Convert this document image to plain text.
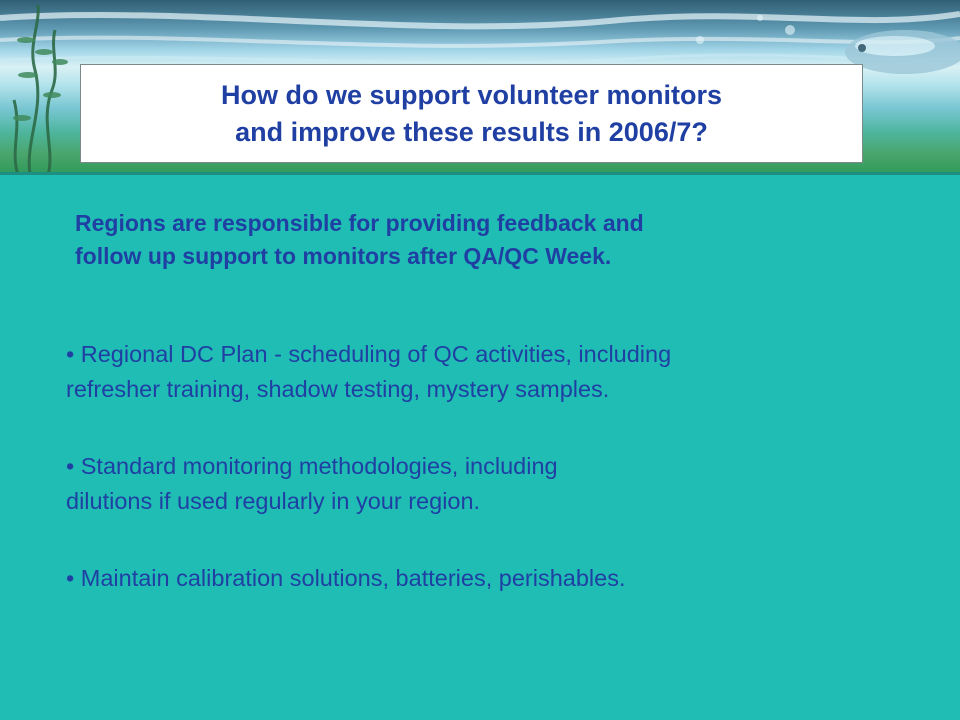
How do we support volunteer monitors
and improve these results in 2006/7?
Regions are responsible for providing feedback and
follow up support to monitors after QA/QC Week.
• Regional DC Plan - scheduling of QC activities, including
refresher training, shadow testing, mystery samples.
• Standard monitoring methodologies, including
dilutions if used regularly in your region.
• Maintain calibration solutions, batteries, perishables.
